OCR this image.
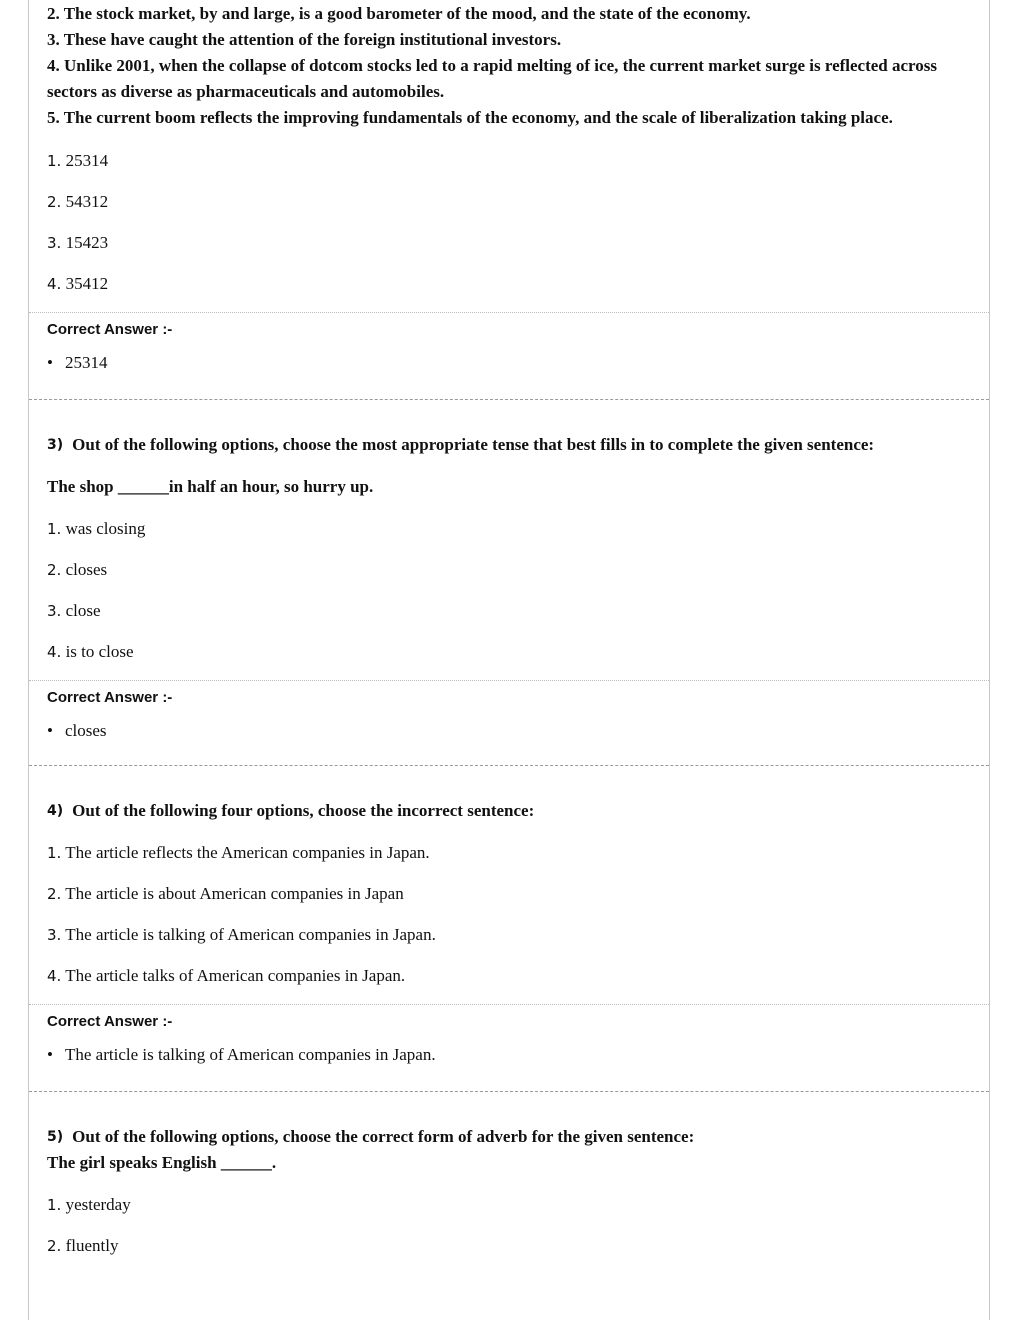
2. The stock market, by and large, is a good barometer of the mood, and the state of the economy.

3. These have caught the attention of the foreign institutional investors.

4. Unlike 2001, when the collapse of dotcom stocks led to a rapid melting of ice, the current market surge is reflected across sectors as diverse as pharmaceuticals and automobiles.

5. The current boom reflects the improving fundamentals of the economy, and the scale of liberalization taking place.

1. 25314
2. 54312
3. 15423
4. 35412
Correct Answer :-
• 25314
3) Out of the following options, choose the most appropriate tense that best fills in to complete the given sentence:
The shop ______in half an hour, so hurry up.
1. was closing
2. closes
3. close
4. is to close
Correct Answer :-
• closes
4) Out of the following four options, choose the incorrect sentence:
1. The article reflects the American companies in Japan.
2. The article is about American companies in Japan
3. The article is talking of American companies in Japan.
4. The article talks of American companies in Japan.
Correct Answer :-
• The article is talking of American companies in Japan.
5) Out of the following options, choose the correct form of adverb for the given sentence:
The girl speaks English ______.
1. yesterday
2. fluently
